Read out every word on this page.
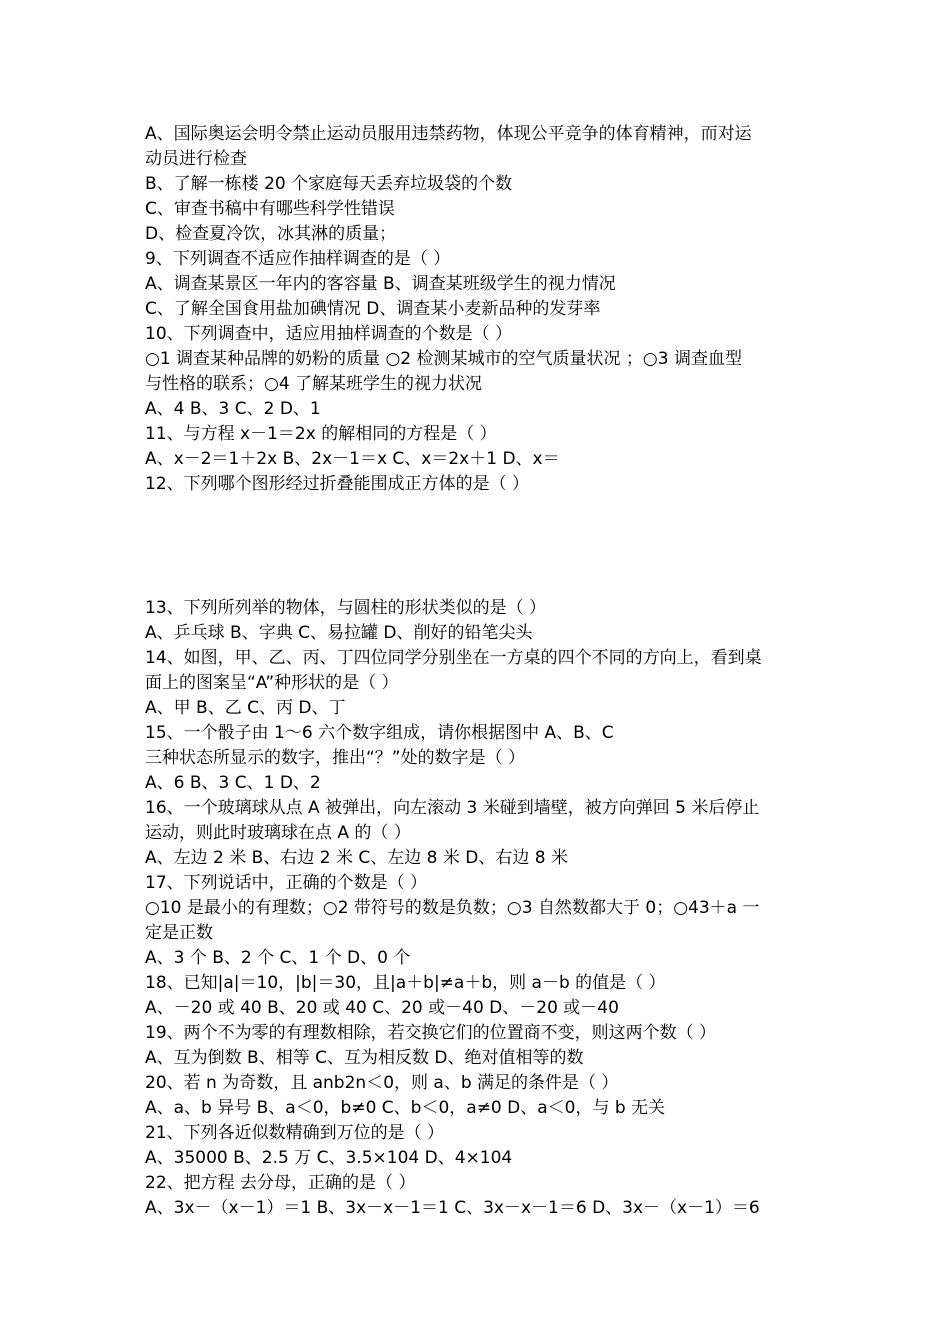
A、国际奥运会明令禁止运动员服用违禁药物，体现公平竞争的体育精神，而对运
动员进行检查
B、了解一栋楼 20 个家庭每天丢弃垃圾袋的个数
C、审查书稿中有哪些科学性错误
D、检查夏冷饮，冰其淋的质量；
9、下列调查不适应作抽样调查的是（ ）
A、调查某景区一年内的客容量 B、调查某班级学生的视力情况
C、了解全国食用盐加碘情况 D、调查某小麦新品种的发芽率
10、下列调查中，适应用抽样调查的个数是（ ）
○1 调查某种品牌的奶粉的质量 ○2 检测某城市的空气质量状况 ；○3 调查血型
与性格的联系；○4 了解某班学生的视力状况
A、4 B、3 C、2 D、1
11、与方程 x－1＝2x 的解相同的方程是（ ）
A、x－2＝1＋2x B、2x－1＝x C、x＝2x＋1 D、x＝
12、下列哪个图形经过折叠能围成正方体的是（ ）
13、下列所列举的物体，与圆柱的形状类似的是（ ）
A、乒乓球 B、字典 C、易拉罐 D、削好的铅笔尖头
14、如图，甲、乙、丙、丁四位同学分别坐在一方桌的四个不同的方向上，看到桌
面上的图案呈“A”种形状的是（ ）
A、甲 B、乙 C、丙 D、丁
15、一个骰子由 1～6 六个数字组成，请你根据图中 A、B、C
三种状态所显示的数字，推出“？”处的数字是（ ）
A、6 B、3 C、1 D、2
16、一个玻璃球从点 A 被弹出，向左滚动 3 米碰到墙壁，被方向弹回 5 米后停止
运动，则此时玻璃球在点 A 的（ ）
A、左边 2 米 B、右边 2 米 C、左边 8 米 D、右边 8 米
17、下列说话中，正确的个数是（ ）
○10 是最小的有理数；○2 带符号的数是负数；○3 自然数都大于 0；○43＋a 一
定是正数
A、3 个 B、2 个 C、1 个 D、0 个
18、已知|a|＝10，|b|＝30，且|a＋b|≠a＋b，则 a－b 的值是（ ）
A、－20 或 40 B、20 或 40 C、20 或－40 D、－20 或－40
19、两个不为零的有理数相除，若交换它们的位置商不变，则这两个数（ ）
A、互为倒数 B、相等 C、互为相反数 D、绝对值相等的数
20、若 n 为奇数，且 anb2n＜0，则 a、b 满足的条件是（ ）
A、a、b 异号 B、a＜0，b≠0 C、b＜0，a≠0 D、a＜0，与 b 无关
21、下列各近似数精确到万位的是（ ）
A、35000 B、2.5 万 C、3.5×104 D、4×104
22、把方程 去分母，正确的是（ ）
A、3x－（x－1）＝1 B、3x－x－1＝1 C、3x－x－1＝6 D、3x－（x－1）＝6
